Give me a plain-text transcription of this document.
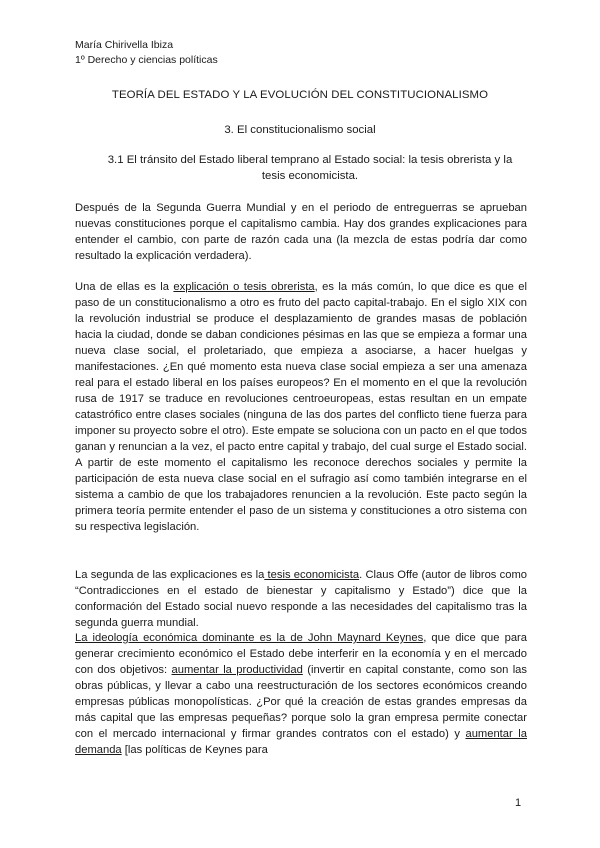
María Chirivella Ibiza
1º Derecho y ciencias políticas
TEORÍA DEL ESTADO Y LA EVOLUCIÓN DEL CONSTITUCIONALISMO
3. El constitucionalismo social
3.1 El tránsito del Estado liberal temprano al Estado social: la tesis obrerista y la tesis economicista.

Después de la Segunda Guerra Mundial y en el periodo de entreguerras se aprueban nuevas constituciones porque el capitalismo cambia. Hay dos grandes explicaciones para entender el cambio, con parte de razón cada una (la mezcla de estas podría dar como resultado la explicación verdadera).

Una de ellas es la explicación o tesis obrerista, es la más común, lo que dice es que el paso de un constitucionalismo a otro es fruto del pacto capital-trabajo. En el siglo XIX con la revolución industrial se produce el desplazamiento de grandes masas de población hacia la ciudad, donde se daban condiciones pésimas en las que se empieza a formar una nueva clase social, el proletariado, que empieza a asociarse, a hacer huelgas y manifestaciones. ¿En qué momento esta nueva clase social empieza a ser una amenaza real para el estado liberal en los países europeos? En el momento en el que la revolución rusa de 1917 se traduce en revoluciones centroeuropeas, estas resultan en un empate catastrófico entre clases sociales (ninguna de las dos partes del conflicto tiene fuerza para imponer su proyecto sobre el otro). Este empate se soluciona con un pacto en el que todos ganan y renuncian a la vez, el pacto entre capital y trabajo, del cual surge el Estado social. A partir de este momento el capitalismo les reconoce derechos sociales y permite la participación de esta nueva clase social en el sufragio así como también integrarse en el sistema a cambio de que los trabajadores renuncien a la revolución. Este pacto según la primera teoría permite entender el paso de un sistema y constituciones a otro sistema con su respectiva legislación.

La segunda de las explicaciones es la tesis economicista. Claus Offe (autor de libros como “Contradicciones en el estado de bienestar y capitalismo y Estado”) dice que la conformación del Estado social nuevo responde a las necesidades del capitalismo tras la segunda guerra mundial.

La ideología económica dominante es la de John Maynard Keynes, que dice que para generar crecimiento económico el Estado debe interferir en la economía y en el mercado con dos objetivos: aumentar la productividad (invertir en capital constante, como son las obras públicas, y llevar a cabo una reestructuración de los sectores económicos creando empresas públicas monopolísticas. ¿Por qué la creación de estas grandes empresas da más capital que las empresas pequeñas? porque solo la gran empresa permite conectar con el mercado internacional y firmar grandes contratos con el estado) y aumentar la demanda [las políticas de Keynes para

1
